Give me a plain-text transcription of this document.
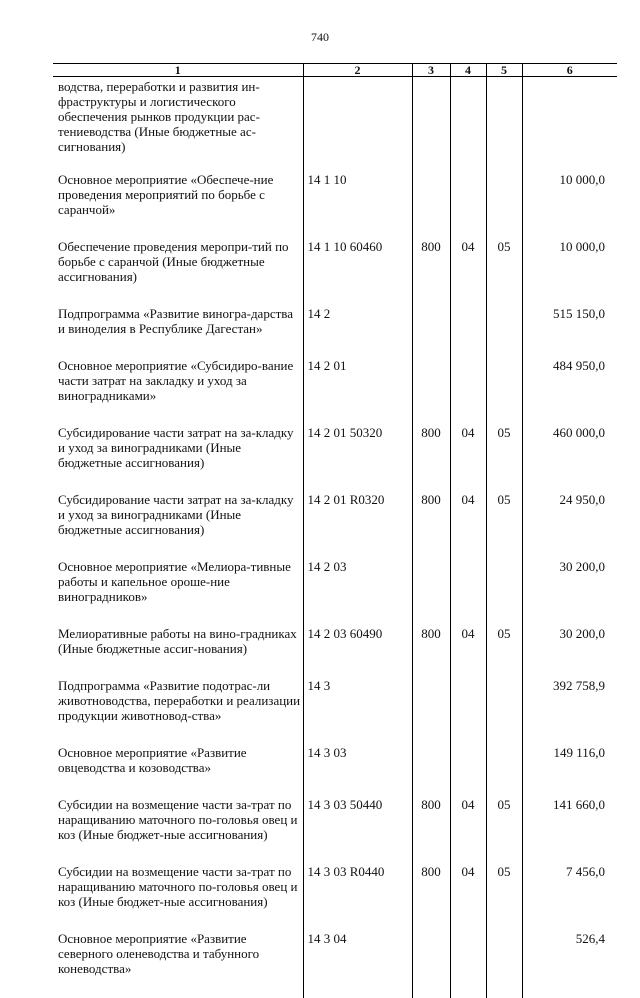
740
1	2	3	4	5	6
водства, переработки и развития ин-фраструктуры и логистического обеспечения рынков продукции рас-тениеводства (Иные бюджетные ас-сигнования)					
Основное мероприятие «Обеспече-ние проведения мероприятий по борьбе с саранчой»	14 1 10				10 000,0
Обеспечение проведения меропри-тий по борьбе с саранчой (Иные бюджетные ассигнования)	14 1 10 60460	800	04	05	10 000,0
Подпрограмма «Развитие виногра-дарства и виноделия в Республике Дагестан»	14 2				515 150,0
Основное мероприятие «Субсидиро-вание части затрат на закладку и уход за виноградниками»	14 2 01				484 950,0
Субсидирование части затрат на за-кладку и уход за виноградниками (Иные бюджетные ассигнования)	14 2 01 50320	800	04	05	460 000,0
Субсидирование части затрат на за-кладку и уход за виноградниками (Иные бюджетные ассигнования)	14 2 01 R0320	800	04	05	24 950,0
Основное мероприятие «Мелиора-тивные работы и капельное ороше-ние виноградников»	14 2 03				30 200,0
Мелиоративные работы на вино-градниках (Иные бюджетные ассиг-нования)	14 2 03 60490	800	04	05	30 200,0
Подпрограмма «Развитие подотрас-ли животноводства, переработки и реализации продукции животновод-ства»	14 3				392 758,9
Основное мероприятие «Развитие овцеводства и козоводства»	14 3 03				149 116,0
Субсидии на возмещение части за-трат по наращиванию маточного по-головья овец и коз (Иные бюджет-ные ассигнования)	14 3 03 50440	800	04	05	141 660,0
Субсидии на возмещение части за-трат по наращиванию маточного по-головья овец и коз (Иные бюджет-ные ассигнования)	14 3 03 R0440	800	04	05	7 456,0
Основное мероприятие «Развитие северного оленеводства и табунного коневодства»	14 3 04				526,4
